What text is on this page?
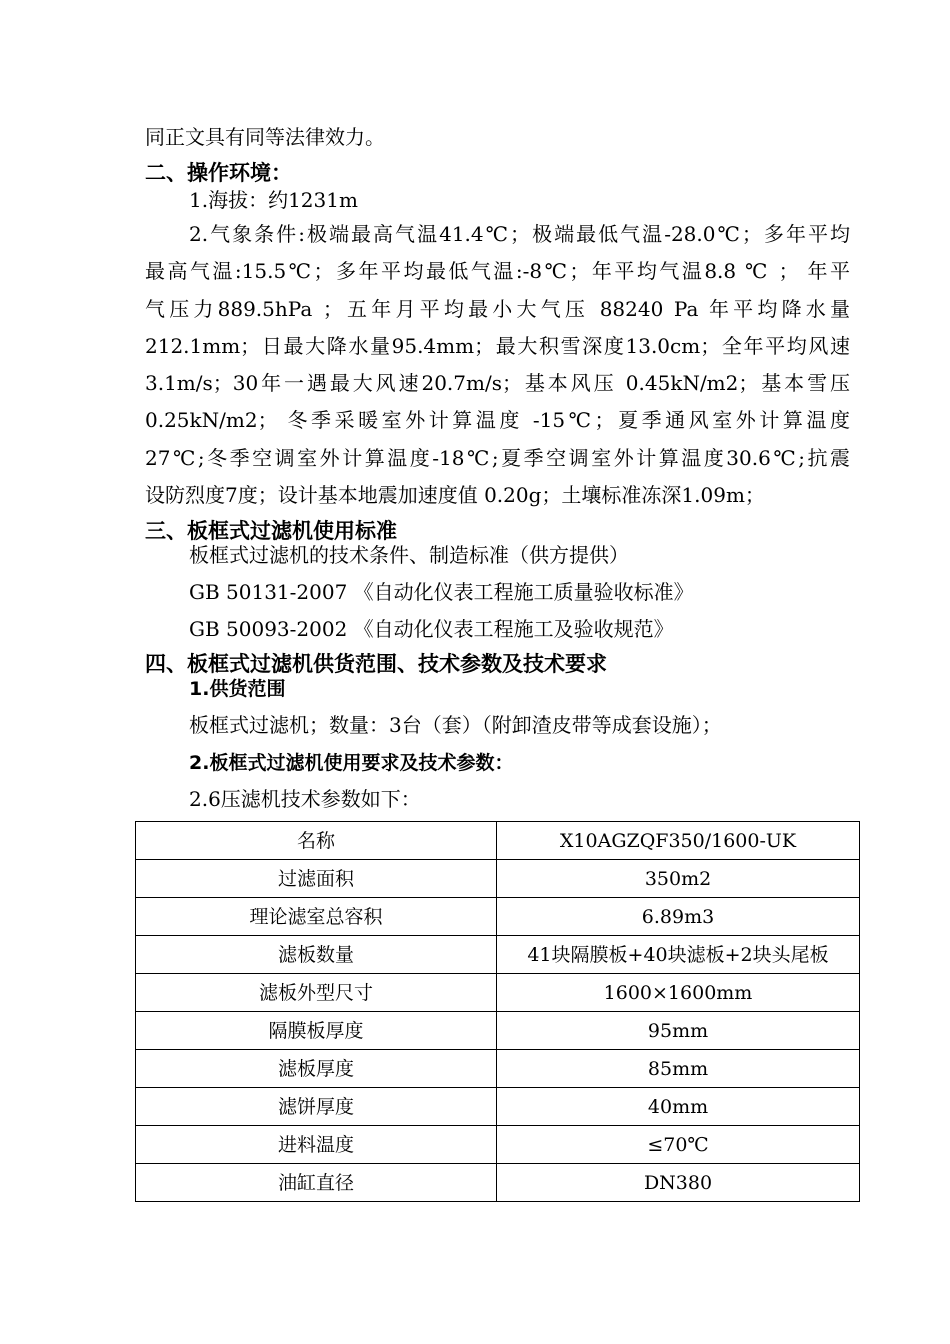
同正文具有同等法律效力。
二、操作环境：
1.海拔：约1231m
2.气象条件:极端最高气温41.4℃；极端最低气温-28.0℃；多年平均
最高气温:15.5℃；多年平均最低气温:-8℃；年平均气温8.8 ℃ ； 年平
气压力889.5hPa ；五年月平均最小大气压 88240 Pa 年平均降水量
212.1mm；日最大降水量95.4mm；最大积雪深度13.0cm；全年平均风速
3.1m/s；30年一遇最大风速20.7m/s；基本风压 0.45kN/m2；基本雪压
0.25kN/m2； 冬季采暖室外计算温度 -15℃；夏季通风室外计算温度
27℃;冬季空调室外计算温度-18℃;夏季空调室外计算温度30.6℃;抗震
设防烈度7度；设计基本地震加速度值 0.20g；土壤标准冻深1.09m；
三、板框式过滤机使用标准
板框式过滤机的技术条件、制造标准（供方提供）
GB 50131-2007 《自动化仪表工程施工质量验收标准》
GB 50093-2002 《自动化仪表工程施工及验收规范》
四、板框式过滤机供货范围、技术参数及技术要求
1.供货范围
板框式过滤机；数量：3台（套）（附卸渣皮带等成套设施）；
2.板框式过滤机使用要求及技术参数：
2.6压滤机技术参数如下：
名称	X10AGZQF350/1600-UK
过滤面积	350m2
理论滤室总容积	6.89m3
滤板数量	41块隔膜板+40块滤板+2块头尾板
滤板外型尺寸	1600×1600mm
隔膜板厚度	95mm
滤板厚度	85mm
滤饼厚度	40mm
进料温度	≤70℃
油缸直径	DN380
